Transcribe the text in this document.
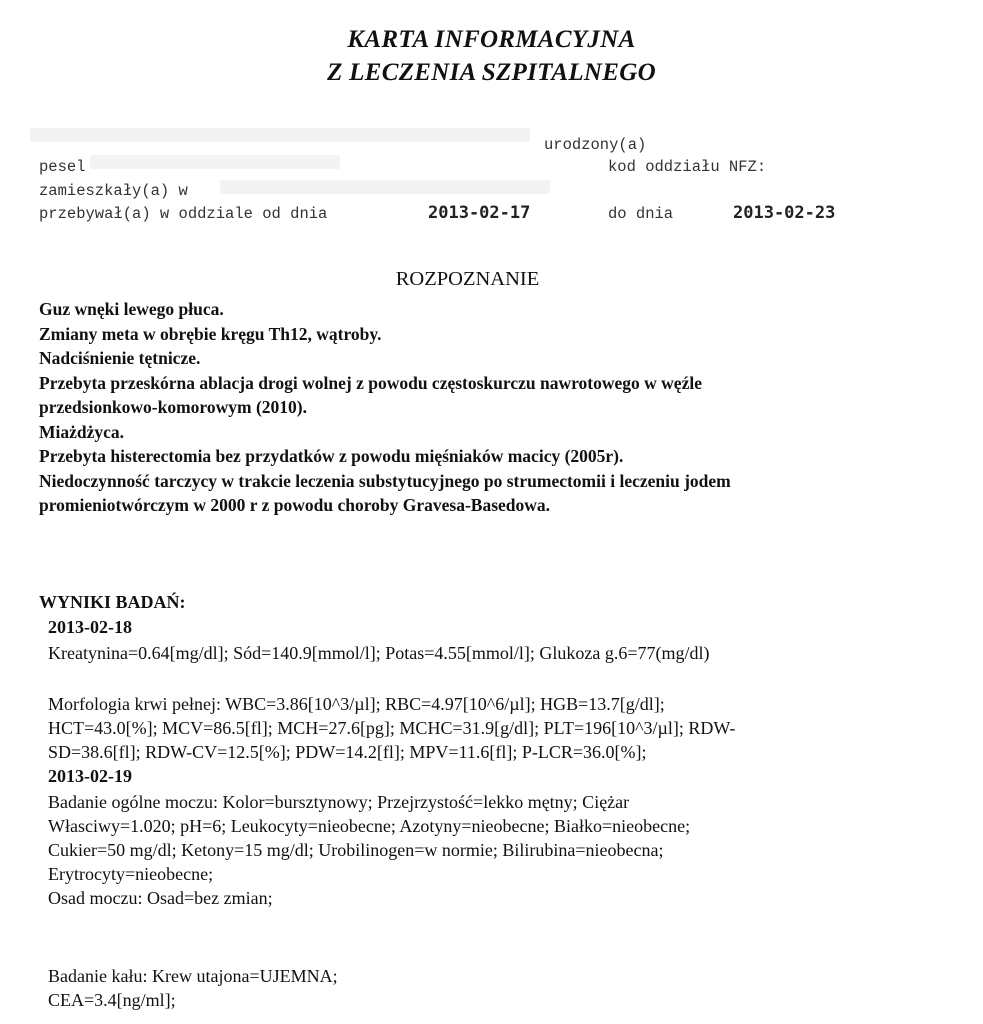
KARTA INFORMACYJNA
Z LECZENIA SZPITALNEGO
urodzony(a)
pesel	kod oddziału NFZ:
zamieszkały(a) w
przebywał(a) w oddziale od dnia	2013-02-17	do dnia	2013-02-23
ROZPOZNANIE
Guz wnęki lewego płuca.
Zmiany meta w obrębie kręgu Th12, wątroby.
Nadciśnienie tętnicze.
Przebyta przeskórna ablacja drogi wolnej z powodu częstoskurczu nawrotowego w węźle
przedsionkowo-komorowym (2010).
Miażdżyca.
Przebyta histerectomia bez przydatków z powodu mięśniaków macicy (2005r).
Niedoczynność tarczycy w trakcie leczenia substytucyjnego po strumectomii i leczeniu jodem
promieniotwórczym w 2000 r z powodu choroby Gravesa-Basedowa.
WYNIKI BADAŃ:
2013-02-18
Kreatynina=0.64[mg/dl]; Sód=140.9[mmol/l]; Potas=4.55[mmol/l]; Glukoza g.6=77(mg/dl)
Morfologia krwi pełnej: WBC=3.86[10^3/µl]; RBC=4.97[10^6/µl]; HGB=13.7[g/dl];
HCT=43.0[%]; MCV=86.5[fl]; MCH=27.6[pg]; MCHC=31.9[g/dl]; PLT=196[10^3/µl]; RDW-
SD=38.6[fl]; RDW-CV=12.5[%]; PDW=14.2[fl]; MPV=11.6[fl]; P-LCR=36.0[%];
2013-02-19
Badanie ogólne moczu: Kolor=bursztynowy; Przejrzystość=lekko mętny; Ciężar
Własciwy=1.020; pH=6; Leukocyty=nieobecne; Azotyny=nieobecne; Białko=nieobecne;
Cukier=50 mg/dl; Ketony=15 mg/dl; Urobilinogen=w normie; Bilirubina=nieobecna;
Erytrocyty=nieobecne;
Osad moczu: Osad=bez zmian;
Badanie kału: Krew utajona=UJEMNA;
CEA=3.4[ng/ml];
